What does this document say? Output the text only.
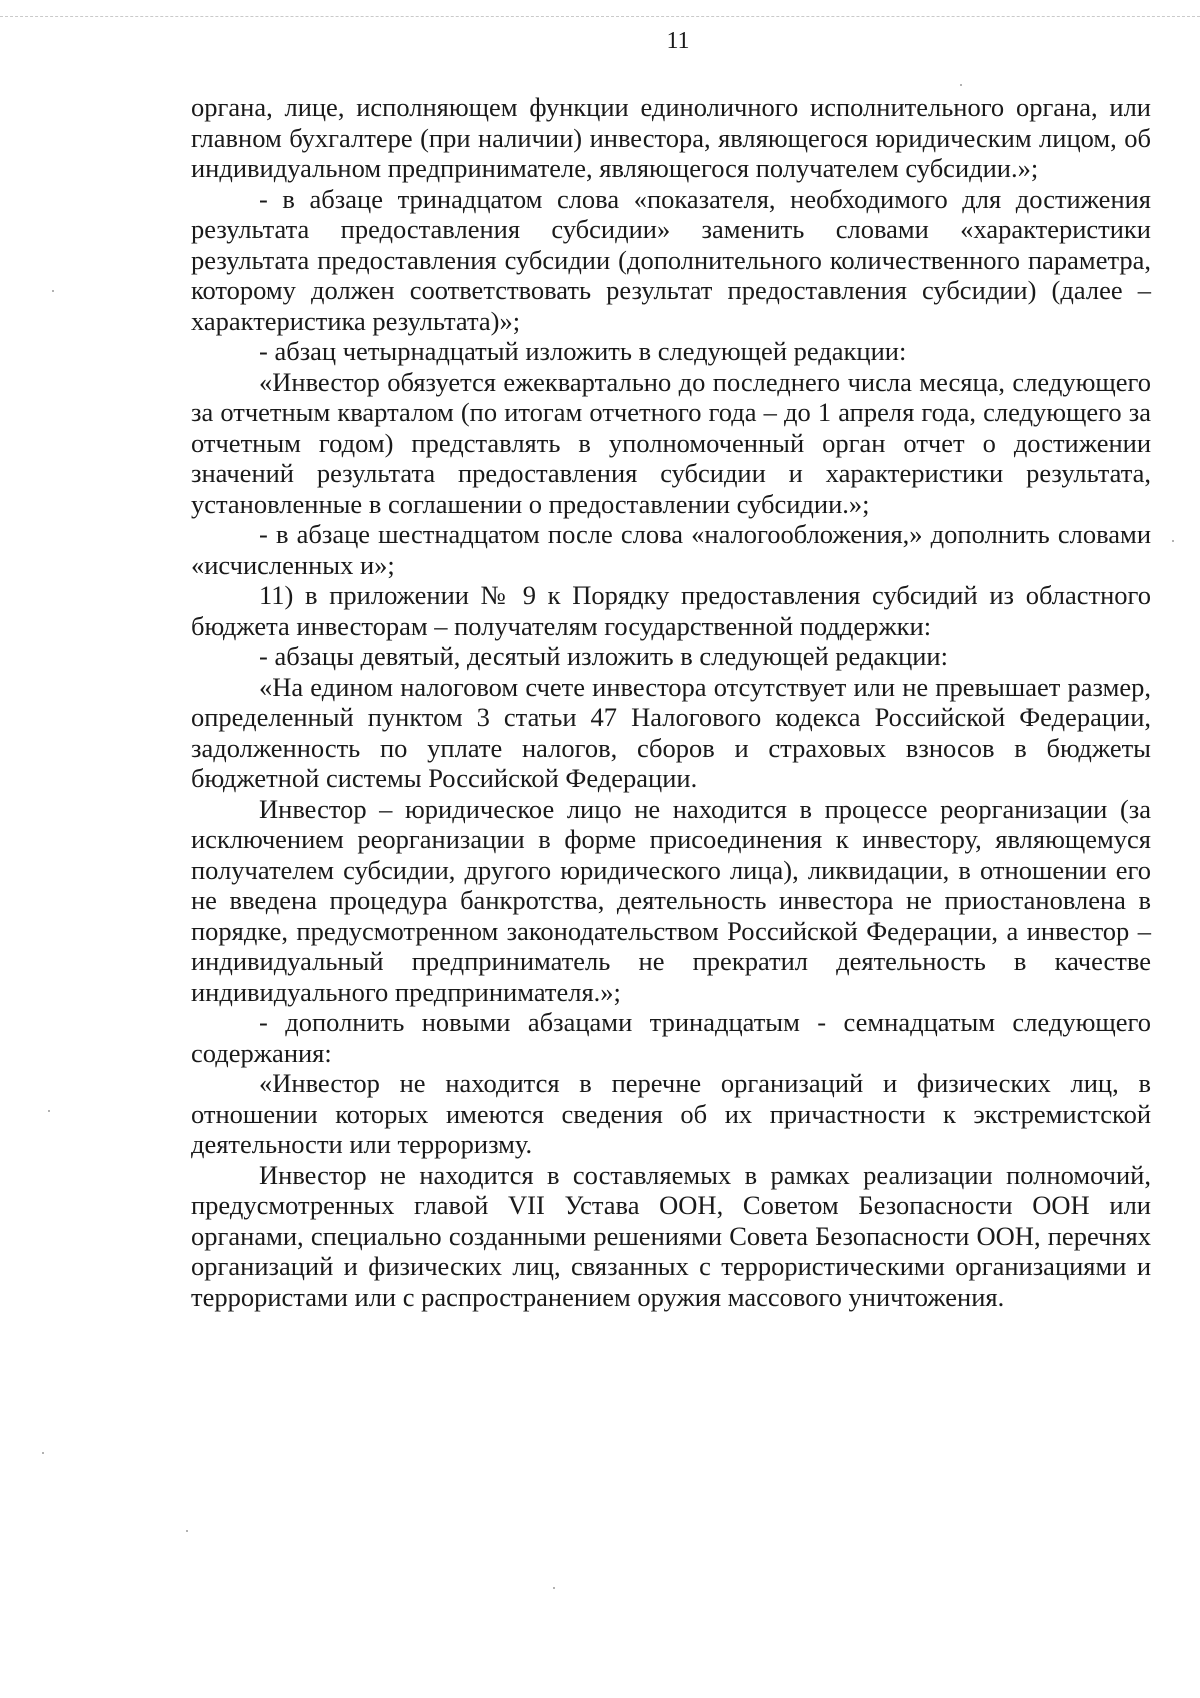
11

органа, лице, исполняющем функции единоличного исполнительного органа, или главном бухгалтере (при наличии) инвестора, являющегося юридическим лицом, об индивидуальном предпринимателе, являющегося получателем субсидии.»;

- в абзаце тринадцатом слова «показателя, необходимого для достижения результата предоставления субсидии» заменить словами «характеристики результата предоставления субсидии (дополнительного количественного параметра, которому должен соответствовать результат предоставления субсидии) (далее – характеристика результата)»;

- абзац четырнадцатый изложить в следующей редакции:

«Инвестор обязуется ежеквартально до последнего числа месяца, следующего за отчетным кварталом (по итогам отчетного года – до 1 апреля года, следующего за отчетным годом) представлять в уполномоченный орган отчет о достижении значений результата предоставления субсидии и характеристики результата, установленные в соглашении о предоставлении субсидии.»;

- в абзаце шестнадцатом после слова «налогообложения,» дополнить словами «исчисленных и»;

11) в приложении № 9 к Порядку предоставления субсидий из областного бюджета инвесторам – получателям государственной поддержки:

- абзацы девятый, десятый изложить в следующей редакции:

«На едином налоговом счете инвестора отсутствует или не превышает размер, определенный пунктом 3 статьи 47 Налогового кодекса Российской Федерации, задолженность по уплате налогов, сборов и страховых взносов в бюджеты бюджетной системы Российской Федерации.

Инвестор – юридическое лицо не находится в процессе реорганизации (за исключением реорганизации в форме присоединения к инвестору, являющемуся получателем субсидии, другого юридического лица), ликвидации, в отношении его не введена процедура банкротства, деятельность инвестора не приостановлена в порядке, предусмотренном законодательством Российской Федерации, а инвестор – индивидуальный предприниматель не прекратил деятельность в качестве индивидуального предпринимателя.»;

- дополнить новыми абзацами тринадцатым - семнадцатым следующего содержания:

«Инвестор не находится в перечне организаций и физических лиц, в отношении которых имеются сведения об их причастности к экстремистской деятельности или терроризму.

Инвестор не находится в составляемых в рамках реализации полномочий, предусмотренных главой VII Устава ООН, Советом Безопасности ООН или органами, специально созданными решениями Совета Безопасности ООН, перечнях организаций и физических лиц, связанных с террористическими организациями и террористами или с распространением оружия массового уничтожения.
